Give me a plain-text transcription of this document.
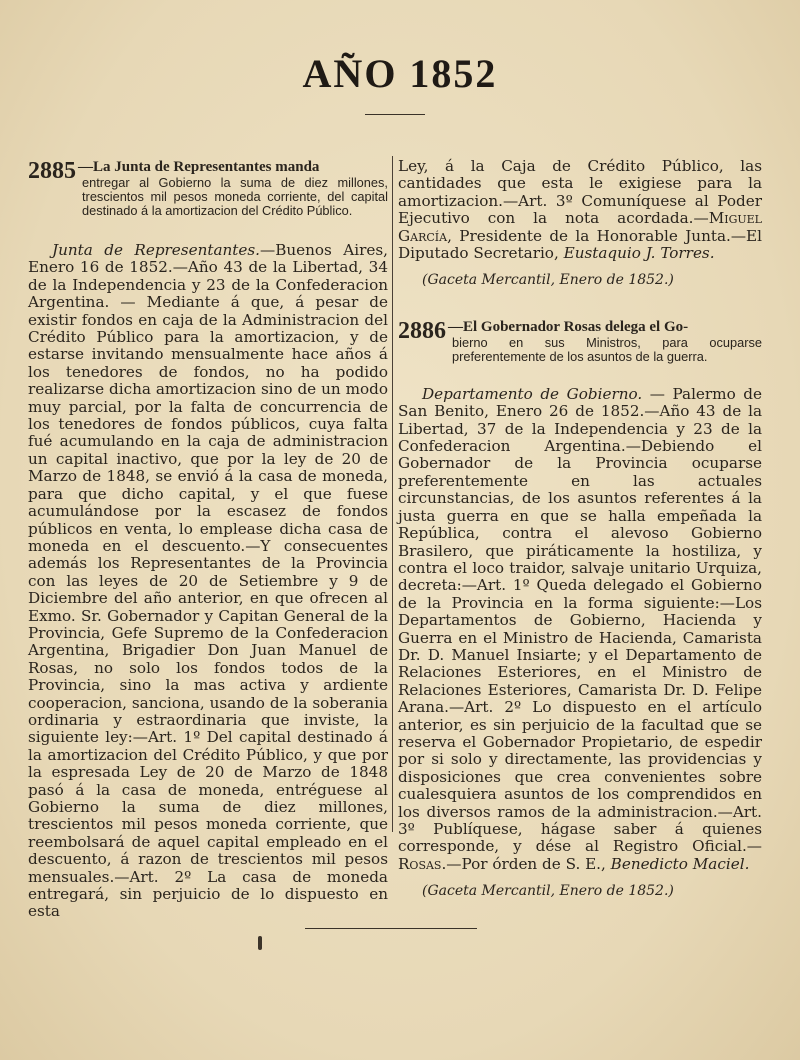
AÑO 1852
2885 —La Junta de Representantes manda
entregar al Gobierno la suma de diez millones, trescientos mil pesos moneda corriente, del capital destinado á la amortizacion del Crédito Público.

Junta de Representantes.—Buenos Aires, Enero 16 de 1852.—Año 43 de la Libertad, 34 de la Independencia y 23 de la Confederacion Argentina. — Mediante á que, á pesar de existir fondos en caja de la Administracion del Crédito Público para la amortizacion, y de estarse invitando mensualmente hace años á los tenedores de fondos, no ha podido realizarse dicha amortizacion sino de un modo muy parcial, por la falta de concurrencia de los tenedores de fondos públicos, cuya falta fué acumulando en la caja de administracion un capital inactivo, que por la ley de 20 de Marzo de 1848, se envió á la casa de moneda, para que dicho capital, y el que fuese acumulándose por la escasez de fondos públicos en venta, lo emplease dicha casa de moneda en el descuento.—Y consecuentes además los Representantes de la Provincia con las leyes de 20 de Setiembre y 9 de Diciembre del año anterior, en que ofrecen al Exmo. Sr. Gobernador y Capitan General de la Provincia, Gefe Supremo de la Confederacion Argentina, Brigadier Don Juan Manuel de Rosas, no solo los fondos todos de la Provincia, sino la mas activa y ardiente cooperacion, sanciona, usando de la soberania ordinaria y estraordinaria que inviste, la siguiente ley:—Art. 1º Del capital destinado á la amortizacion del Crédito Público, y que por la espresada Ley de 20 de Marzo de 1848 pasó á la casa de moneda, entréguese al Gobierno la suma de diez millones, trescientos mil pesos moneda corriente, que reembolsará de aquel capital empleado en el descuento, á razon de trescientos mil pesos mensuales.—Art. 2º La casa de moneda entregará, sin perjuicio de lo dispuesto en esta

Ley, á la Caja de Crédito Público, las cantidades que esta le exigiese para la amortizacion.—Art. 3º Comuníquese al Poder Ejecutivo con la nota acordada.—Miguel García, Presidente de la Honorable Junta.—El Diputado Secretario, Eustaquio J. Torres.

(Gaceta Mercantil, Enero de 1852.)
2886 —El Gobernador Rosas delega el Go-
bierno en sus Ministros, para ocuparse preferentemente de los asuntos de la guerra.

Departamento de Gobierno. — Palermo de San Benito, Enero 26 de 1852.—Año 43 de la Libertad, 37 de la Independencia y 23 de la Confederacion Argentina.—Debiendo el Gobernador de la Provincia ocuparse preferentemente en las actuales circunstancias, de los asuntos referentes á la justa guerra en que se halla empeñada la República, contra el alevoso Gobierno Brasilero, que piráticamente la hostiliza, y contra el loco traidor, salvaje unitario Urquiza, decreta:—Art. 1º Queda delegado el Gobierno de la Provincia en la forma siguiente:—Los Departamentos de Gobierno, Hacienda y Guerra en el Ministro de Hacienda, Camarista Dr. D. Manuel Insiarte; y el Departamento de Relaciones Esteriores, en el Ministro de Relaciones Esteriores, Camarista Dr. D. Felipe Arana.—Art. 2º Lo dispuesto en el artículo anterior, es sin perjuicio de la facultad que se reserva el Gobernador Propietario, de espedir por si solo y directamente, las providencias y disposiciones que crea convenientes sobre cualesquiera asuntos de los comprendidos en los diversos ramos de la administracion.—Art. 3º Publíquese, hágase saber á quienes corresponde, y dése al Registro Oficial.—Rosas.—Por órden de S. E., Benedicto Maciel.

(Gaceta Mercantil, Enero de 1852.)
